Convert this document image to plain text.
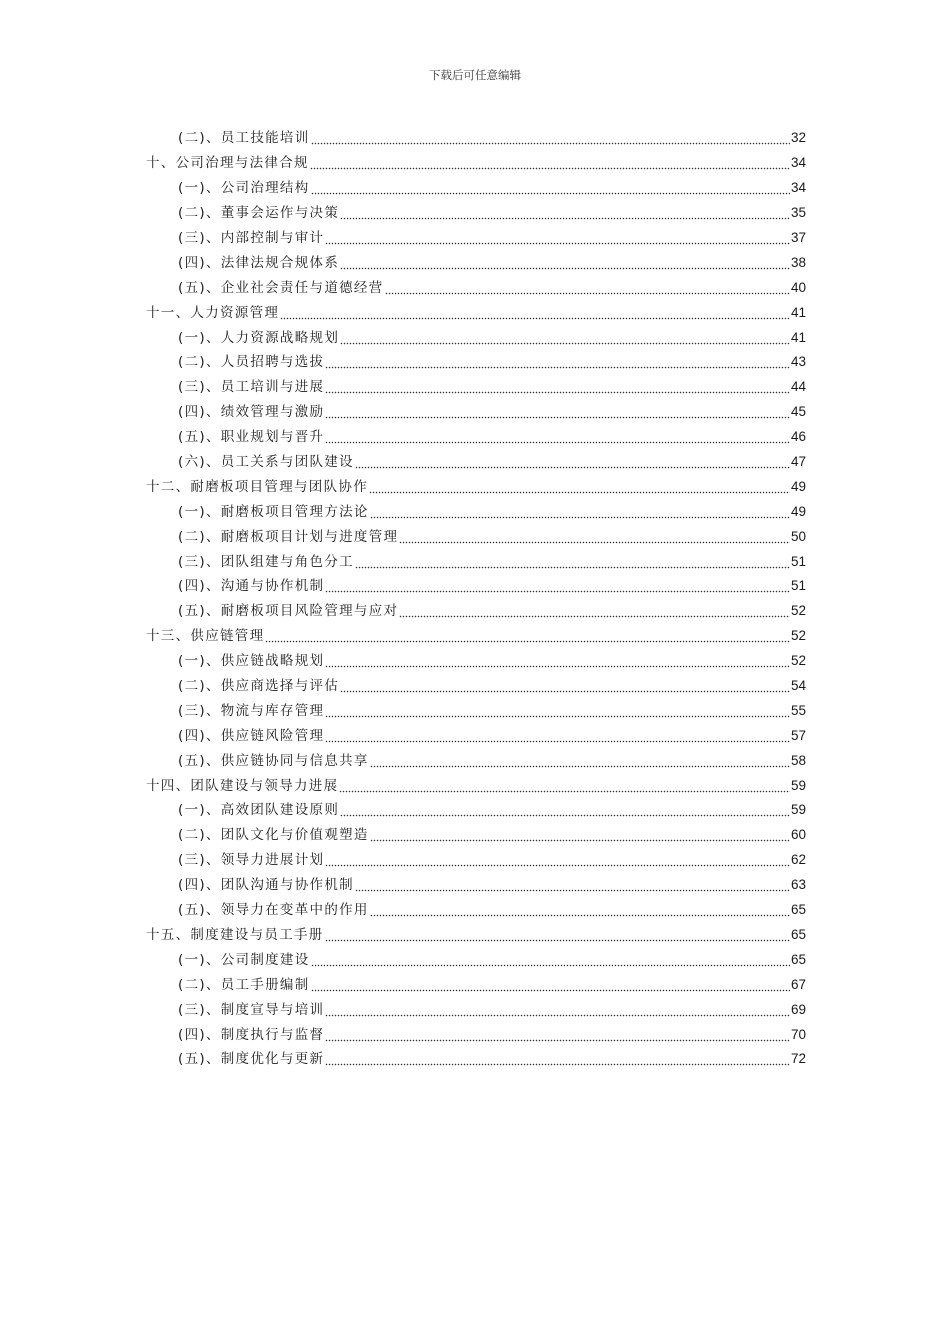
下载后可任意编辑
(二)、员工技能培训	32
十、公司治理与法律合规	34
(一)、公司治理结构	34
(二)、董事会运作与决策	35
(三)、内部控制与审计	37
(四)、法律法规合规体系	38
(五)、企业社会责任与道德经营	40
十一、人力资源管理	41
(一)、人力资源战略规划	41
(二)、人员招聘与选拔	43
(三)、员工培训与进展	44
(四)、绩效管理与激励	45
(五)、职业规划与晋升	46
(六)、员工关系与团队建设	47
十二、耐磨板项目管理与团队协作	49
(一)、耐磨板项目管理方法论	49
(二)、耐磨板项目计划与进度管理	50
(三)、团队组建与角色分工	51
(四)、沟通与协作机制	51
(五)、耐磨板项目风险管理与应对	52
十三、供应链管理	52
(一)、供应链战略规划	52
(二)、供应商选择与评估	54
(三)、物流与库存管理	55
(四)、供应链风险管理	57
(五)、供应链协同与信息共享	58
十四、团队建设与领导力进展	59
(一)、高效团队建设原则	59
(二)、团队文化与价值观塑造	60
(三)、领导力进展计划	62
(四)、团队沟通与协作机制	63
(五)、领导力在变革中的作用	65
十五、制度建设与员工手册	65
(一)、公司制度建设	65
(二)、员工手册编制	67
(三)、制度宣导与培训	69
(四)、制度执行与监督	70
(五)、制度优化与更新	72
